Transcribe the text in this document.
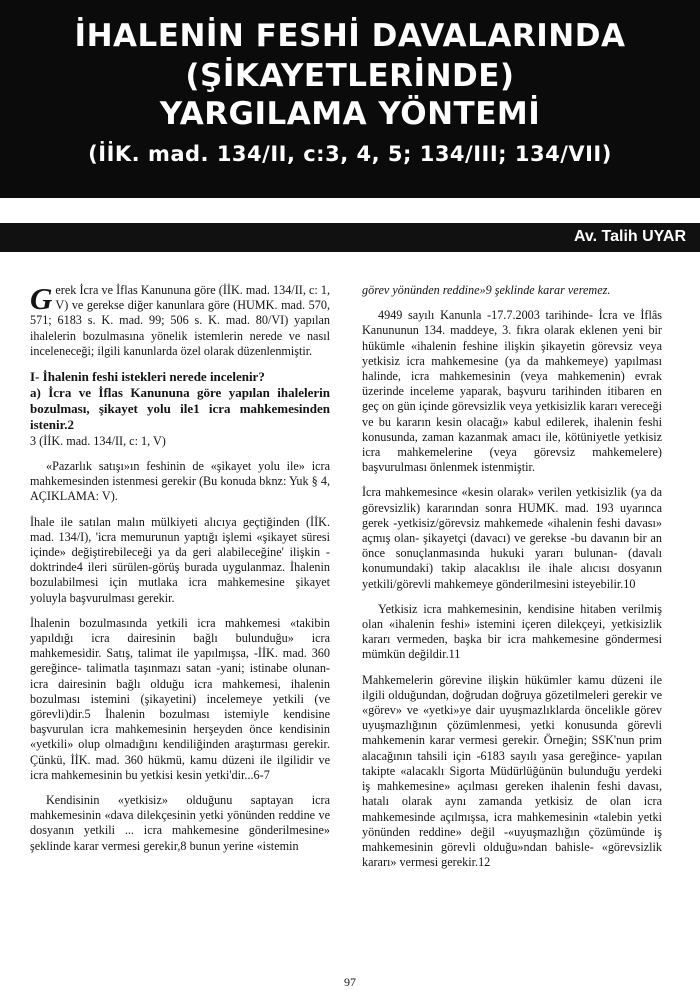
İHALENİN FESHİ DAVALARINDA
(ŞİKAYETLERİNDE)
YARGILAMA YÖNTEMİ
(İİK. mad. 134/II, c:3, 4, 5; 134/III; 134/VII)
Av. Talih UYAR

Gerek İcra ve İflas Kanununa göre (İİK. mad. 134/II, c: 1, V) ve gerekse diğer kanunlara göre (HUMK. mad. 570, 571; 6183 s. K. mad. 99; 506 s. K. mad. 80/VI) yapılan ihalelerin bozulmasına yönelik istemlerin nerede ve nasıl inceleneceği; ilgili kanunlarda özel olarak düzenlenmiştir.

I- İhalenin feshi istekleri nerede incelenir?
a) İcra ve İflas Kanununa göre yapılan ihalelerin bozulması, şikayet yolu ile1 icra mahkemesinden istenir.2
3 (İİK. mad. 134/II, c: 1, V)

«Pazarlık satışı»ın feshinin de «şikayet yolu ile» icra mahkemesinden istenmesi gerekir (Bu konuda bknz: Yuk § 4, AÇIKLAMA: V).

İhale ile satılan malın mülkiyeti alıcıya geçtiğinden (İİK. mad. 134/I), 'icra memurunun yaptığı işlemi «şikayet süresi içinde» değiştirebileceği ya da geri alabileceğine' ilişkin -doktrinde4 ileri sürülen-görüş burada uygulanmaz. İhalenin bozulabilmesi için mutlaka icra mahkemesine şikayet yoluyla başvurulması gerekir.

İhalenin bozulmasında yetkili icra mahkemesi «takibin yapıldığı icra dairesinin bağlı bulunduğu» icra mahkemesidir. Satış, talimat ile yapılmışsa, -İİK. mad. 360 gereğince- talimatla taşınmazı satan -yani; istinabe olunan- icra dairesinin bağlı olduğu icra mahkemesi, ihalenin bozulması istemini (şikayetini) incelemeye yetkili (ve görevli)dir.5 İhalenin bozulması istemiyle kendisine başvurulan icra mahkemesinin herşeyden önce kendisinin «yetkili» olup olmadığını kendiliğinden araştırması gerekir. Çünkü, İİK. mad. 360 hükmü, kamu düzeni ile ilgilidir ve icra mahkemesinin bu yetkisi kesin yetki'dir...6-7

Kendisinin «yetkisiz» olduğunu saptayan icra mahkemesinin «dava dilekçesinin yetki yönünden reddine ve dosyanın yetkili ... icra mahkemesine gönderilmesine» şeklinde karar vermesi gerekir,8 bunun yerine «istemin

görev yönünden reddine»9 şeklinde karar veremez.

4949 sayılı Kanunla -17.7.2003 tarihinde- İcra ve İflâs Kanununun 134. maddeye, 3. fıkra olarak eklenen yeni bir hükümle «ihalenin feshine ilişkin şikayetin görevsiz veya yetkisiz icra mahkemesine (ya da mahkemeye) yapılması halinde, icra mahkemesinin (veya mahkemenin) evrak üzerinde inceleme yaparak, başvuru tarihinden itibaren en geç on gün içinde görevsizlik veya yetkisizlik kararı vereceği ve bu kararın kesin olacağı» kabul edilerek, ihalenin feshi konusunda, zaman kazanmak amacı ile, kötüniyetle yetkisiz icra mahkemelerine (veya görevsiz mahkemelere) başvurulması önlenmek istenmiştir.

İcra mahkemesince «kesin olarak» verilen yetkisizlik (ya da görevsizlik) kararından sonra HUMK. mad. 193 uyarınca gerek -yetkisiz/görevsiz mahkemede «ihalenin feshi davası» açmış olan- şikayetçi (davacı) ve gerekse -bu davanın bir an önce sonuçlanmasında hukuki yararı bulunan- (davalı konumundaki) takip alacaklısı ile ihale alıcısı dosyanın yetkili/görevli mahkemeye gönderilmesini isteyebilir.10

Yetkisiz icra mahkemesinin, kendisine hitaben verilmiş olan «ihalenin feshi» istemini içeren dilekçeyi, yetkisizlik kararı vermeden, başka bir icra mahkemesine göndermesi mümkün değildir.11

Mahkemelerin görevine ilişkin hükümler kamu düzeni ile ilgili olduğundan, doğrudan doğruya gözetilmeleri gerekir ve «görev» ve «yetki»ye dair uyuşmazlıklarda öncelikle görev uyuşmazlığının çözümlenmesi, yetki konusunda görevli mahkemenin karar vermesi gerekir. Örneğin; SSK'nun prim alacağının tahsili için -6183 sayılı yasa gereğince- yapılan takipte «alacaklı Sigorta Müdürlüğünün bulunduğu yerdeki iş mahkemesine» açılması gereken ihalenin feshi davası, hatalı olarak aynı zamanda yetkisiz de olan icra mahkemesinde açılmışsa, icra mahkemesinin «talebin yetki yönünden reddine» değil -«uyuşmazlığın çözümünde iş mahkemesinin görevli olduğu»ndan bahisle- «görevsizlik kararı» vermesi gerekir.12

97
